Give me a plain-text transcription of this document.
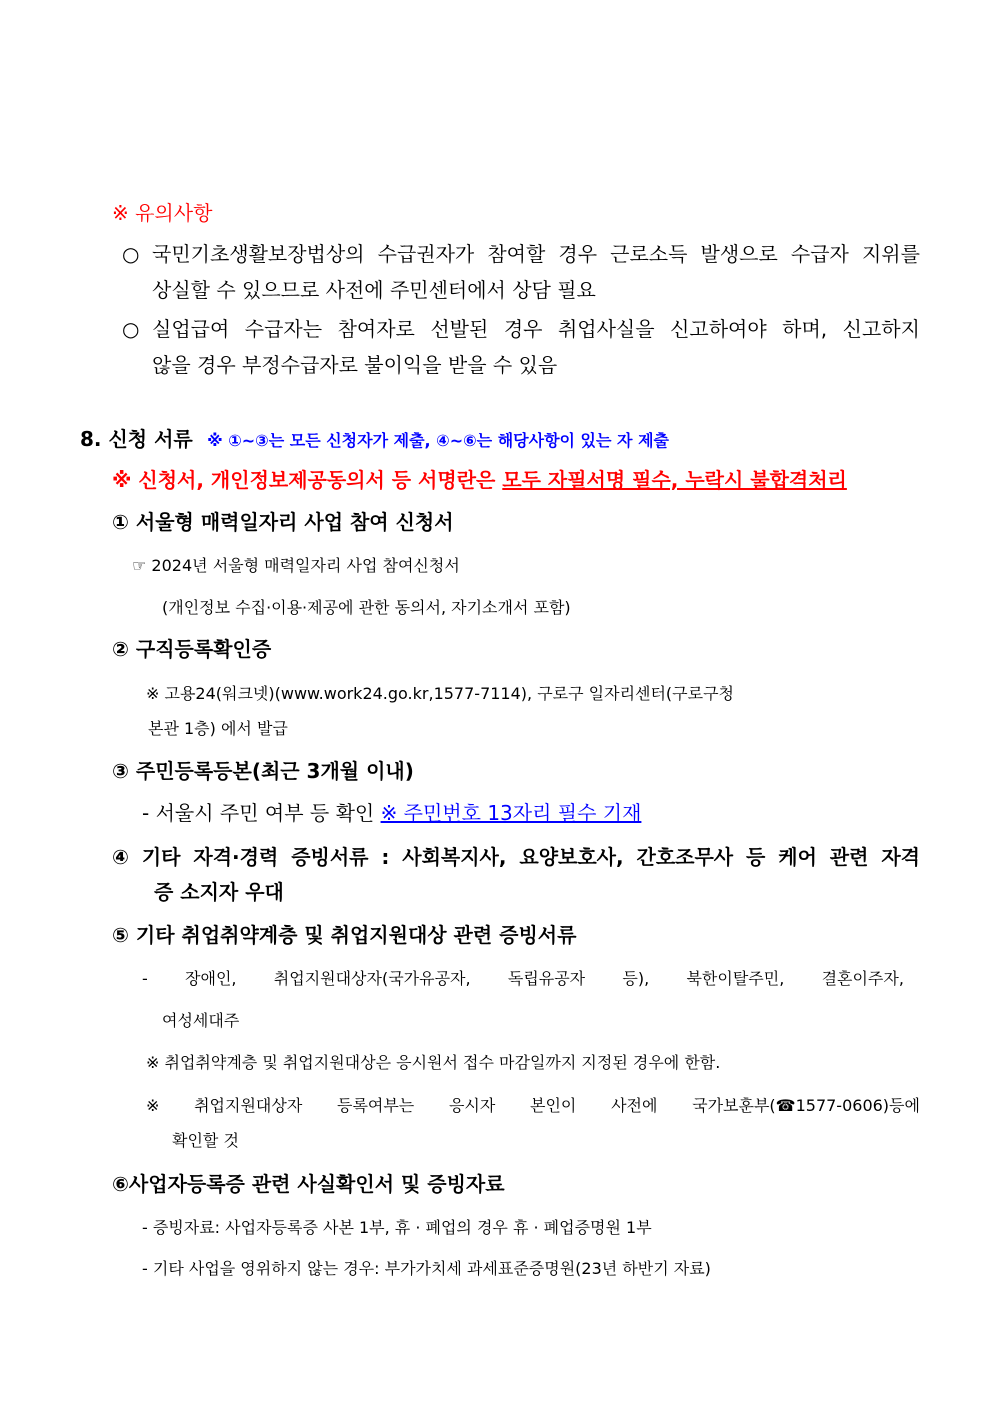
※ 유의사항
○ 국민기초생활보장법상의 수급권자가 참여할 경우 근로소득 발생으로 수급자 지위를
상실할 수 있으므로 사전에 주민센터에서 상담 필요
○ 실업급여 수급자는 참여자로 선발된 경우 취업사실을 신고하여야 하며, 신고하지
않을 경우 부정수급자로 불이익을 받을 수 있음
8. 신청 서류 ※ ①~③는 모든 신청자가 제출, ④~⑥는 해당사항이 있는 자 제출
※ 신청서, 개인정보제공동의서 등 서명란은 모두 자필서명 필수, 누락시 불합격처리
① 서울형 매력일자리 사업 참여 신청서
☞ 2024년 서울형 매력일자리 사업 참여신청서
(개인정보 수집·이용·제공에 관한 동의서, 자기소개서 포함)
② 구직등록확인증
※ 고용24(워크넷)(www.work24.go.kr,1577-7114), 구로구 일자리센터(구로구청
본관 1층) 에서 발급
③ 주민등록등본(최근 3개월 이내)
- 서울시 주민 여부 등 확인 ※ 주민번호 13자리 필수 기재
④ 기타 자격·경력 증빙서류 : 사회복지사, 요양보호사, 간호조무사 등 케어 관련 자격
증 소지자 우대
⑤ 기타 취업취약계층 및 취업지원대상 관련 증빙서류
- 장애인, 취업지원대상자(국가유공자, 독립유공자 등), 북한이탈주민, 결혼이주자,
여성세대주
※ 취업취약계층 및 취업지원대상은 응시원서 접수 마감일까지 지정된 경우에 한함.
※ 취업지원대상자 등록여부는 응시자 본인이 사전에 국가보훈부(☎1577-0606)등에
확인할 것
⑥사업자등록증 관련 사실확인서 및 증빙자료
- 증빙자료: 사업자등록증 사본 1부, 휴 · 폐업의 경우 휴 · 폐업증명원 1부
- 기타 사업을 영위하지 않는 경우: 부가가치세 과세표준증명원(23년 하반기 자료)
